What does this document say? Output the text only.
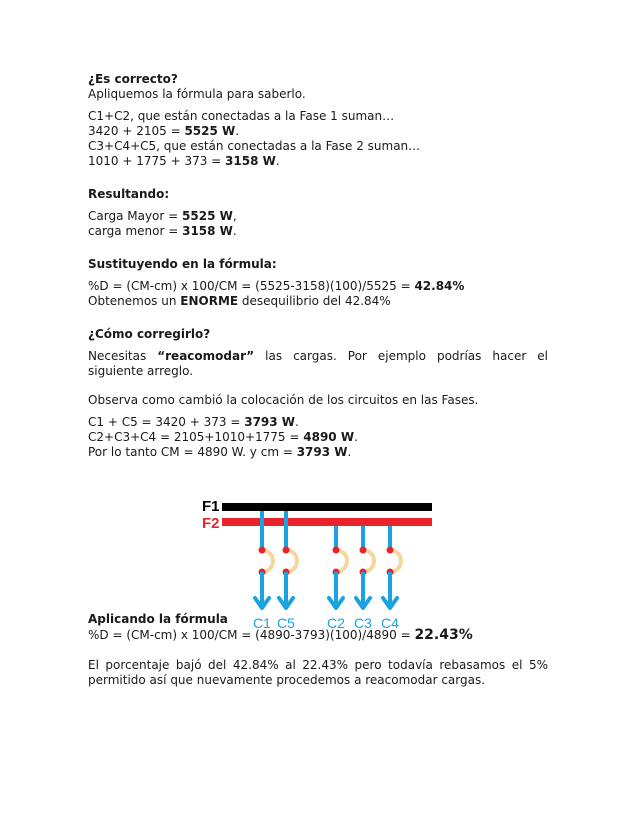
¿Es correcto?
Apliquemos la fórmula para saberlo.
C1+C2, que están conectadas a la Fase 1 suman…
3420 + 2105 = 5525 W.
C3+C4+C5, que están conectadas a la Fase 2 suman…
1010 + 1775 + 373 = 3158 W.
Resultando:
Carga Mayor = 5525 W,
carga menor = 3158 W.
Sustituyendo en la fórmula:
%D = (CM-cm) x 100/CM = (5525-3158)(100)/5525 = 42.84%
Obtenemos un ENORME desequilibrio del 42.84%
¿Cómo corregirlo?
Necesitas “reacomodar” las cargas. Por ejemplo podrías hacer el siguiente arreglo.
Observa como cambió la colocación de los circuitos en las Fases.
C1 + C5 = 3420 + 373 = 3793 W.
C2+C3+C4 = 2105+1010+1775 = 4890 W.
Por lo tanto CM = 4890 W. y cm = 3793 W.
Aplicando la fórmula
%D = (CM-cm) x 100/CM = (4890-3793)(100)/4890 = 22.43%
El porcentaje bajó del 42.84% al 22.43% pero todavía rebasamos el 5% permitido así que nuevamente procedemos a reacomodar cargas.
F1
F2
C1 C5 C2 C3 C4
